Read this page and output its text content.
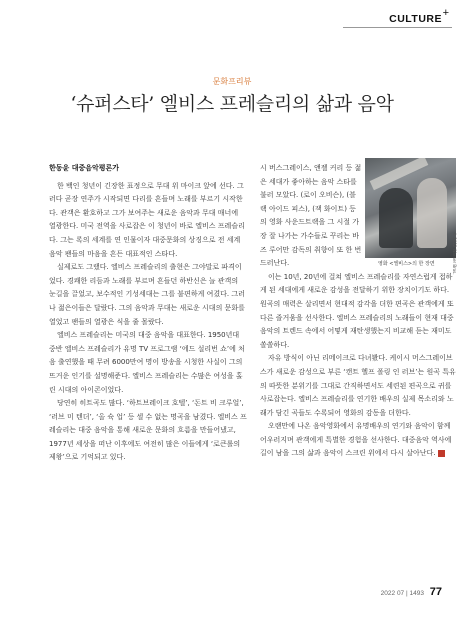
CULTURE +
문화프리뷰
‘슈퍼스타’ 엘비스 프레슬리의 삶과 음악
한동윤 대중음악평론가

한 백인 청년이 긴장한 표정으로 무대 위 마이크 앞에 선다. 그러다 곧장 연주가 시작되면 다리를 흔들며 노래를 부르기 시작한다. 관객은 환호하고 그가 보여주는 새로운 음악과 무대 매너에 열광한다. 미국 전역을 사로잡은 이 청년이 바로 엘비스 프레슬리다. 그는 록의 세계를 연 인물이자 대중문화의 상징으로 전 세계 음악 팬들의 마음을 흔든 대표적인 스타다.

실제로도 그랬다. 엘비스 프레슬리의 출현은 그야말로 파격이었다. 경쾌한 리듬과 노래를 부르며 흔들던 하반신은 늘 관객의 눈길을 끌었고, 보수적인 기성세대는 그를 불편하게 여겼다. 그러나 젊은이들은 달랐다. 그의 음악과 무대는 새로운 시대의 문화를 열었고 팬들의 열광은 식을 줄 몰랐다.

엘비스 프레슬리는 미국의 대중 음악을 대표한다. 1950년대 중반 엘비스 프레슬리가 유명 TV 프로그램 ‘에드 설리번 쇼’에 처음 출연했을 때 무려 6000만여 명이 방송을 시청한 사실이 그의 뜨거운 인기를 설명해준다. 엘비스 프레슬리는 수많은 여성을 홀린 시대의 아이콘이었다.

당연히 히트곡도 많다. ‘하트브레이크 호텔’, ‘돈트 비 크루얼’, ‘러브 미 텐더’, ‘올 슉 업’ 등 셀 수 없는 명곡을 남겼다. 엘비스 프레슬리는 대중 음악을 통해 새로운 문화의 흐름을 만들어냈고, 1977년 세상을 떠난 이후에도 여전히 많은 이들에게 ‘로큰롤의 제왕’으로 기억되고 있다.

시 버스그레이스, 앤젤 커리 등 젊은 세대가 좋아하는 음악 스타를 불러 모았다. (로이 오비슨), (블랙 아이드 피스), (잭 화이트) 등의 영화 사운드트랙을 그 시절 가장 잘 나가는 가수들로 꾸리는 바즈 루어만 감독의 취향이 또 한 번 드러난다.

이는 10년, 20년에 걸쳐 엘비스 프레슬리를 자연스럽게 접하게 된 세대에게 새로운 감성을 전달하기 위한 장치이기도 하다. 원곡의 매력은 살리면서 현대적 감각을 더한 편곡은 관객에게 또 다른 즐거움을 선사한다. 엘비스 프레슬리의 노래들이 현재 대중음악의 트렌드 속에서 어떻게 재탄생했는지 비교해 듣는 재미도 쏠쏠하다.

자유 방식이 아닌 리메이크로 다녀봤다. 케이시 머스그레이브스가 새로운 감성으로 부른 ‘캔트 헬프 폴링 인 러브’는 원곡 특유의 따뜻한 분위기를 그대로 간직하면서도 세련된 편곡으로 귀를 사로잡는다. 엘비스 프레슬리를 연기한 배우의 실제 목소리와 노래가 담긴 곡들도 수록되어 영화의 감동을 더한다.

오랜만에 나온 음악영화에서 유명배우의 연기와 음악이 함께 어우러지며 관객에게 특별한 경험을 선사한다. 대중음악 역사에 길이 남을 그의 삶과 음악이 스크린 위에서 다시 살아난다. K

© 2022 Warner Bros.
영화 <엘비스>의 한 장면
2022 07 | 1493 77
